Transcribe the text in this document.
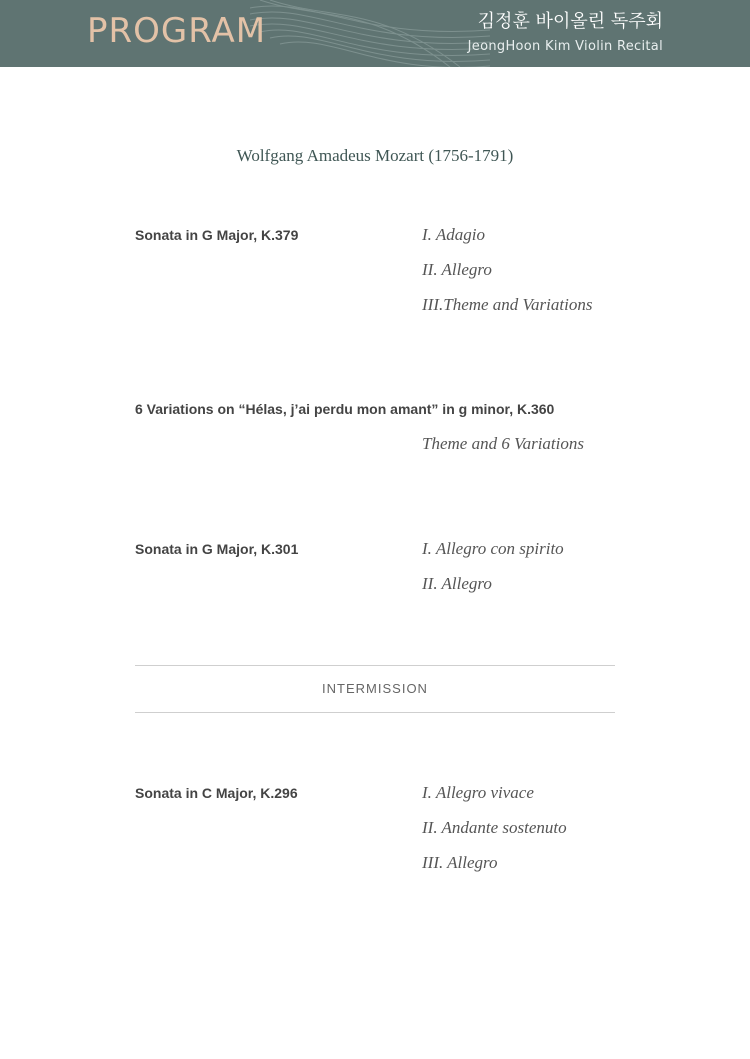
PROGRAM	김정훈 바이올린 독주회
JeongHoon Kim Violin Recital
Wolfgang Amadeus Mozart (1756-1791)
Sonata in G Major, K.379	I. Adagio
II. Allegro
III.Theme and Variations
6 Variations on “Hélas, j’ai perdu mon amant” in g minor, K.360
Theme and 6 Variations
Sonata in G Major, K.301	I. Allegro con spirito
II. Allegro
INTERMISSION
Sonata in C Major, K.296	I. Allegro vivace
II. Andante sostenuto
III. Allegro
